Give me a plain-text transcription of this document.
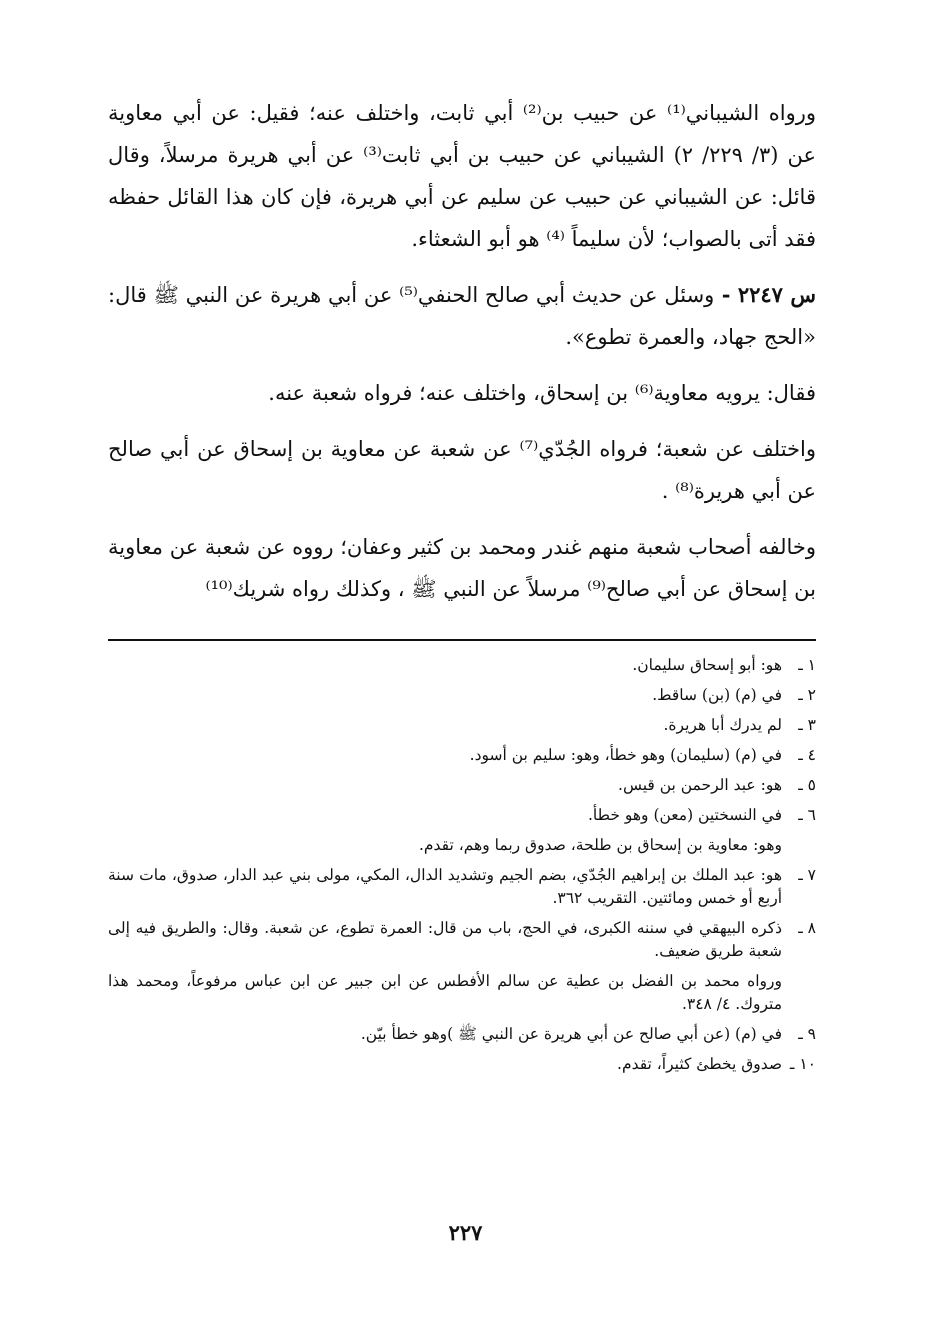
ورواه الشيباني⁽¹⁾ عن حبيب بن⁽²⁾ أبي ثابت، واختلف عنه؛ فقيل: عن أبي معاوية عن (٣/ ٢٢٩/ ٢) الشيباني عن حبيب بن أبي ثابت⁽³⁾ عن أبي هريرة مرسلاً، وقال قائل: عن الشيباني عن حبيب عن سليم عن أبي هريرة، فإن كان هذا القائل حفظه فقد أتى بالصواب؛ لأن سليماً ⁽⁴⁾ هو أبو الشعثاء.

س ٢٢٤٧ - وسئل عن حديث أبي صالح الحنفي⁽⁵⁾ عن أبي هريرة عن النبي ﷺ قال: «الحج جهاد، والعمرة تطوع».

فقال: يرويه معاوية⁽⁶⁾ بن إسحاق، واختلف عنه؛ فرواه شعبة عنه.

واختلف عن شعبة؛ فرواه الجُدّي⁽⁷⁾ عن شعبة عن معاوية بن إسحاق عن أبي صالح عن أبي هريرة⁽⁸⁾ .

وخالفه أصحاب شعبة منهم غندر ومحمد بن كثير وعفان؛ رووه عن شعبة عن معاوية بن إسحاق عن أبي صالح⁽⁹⁾ مرسلاً عن النبي ﷺ ، وكذلك رواه شريك⁽¹⁰⁾

١ ـ
هو: أبو إسحاق سليمان.
٢ ـ
في (م) (بن) ساقط.
٣ ـ
لم يدرك أبا هريرة.
٤ ـ
في (م) (سليمان) وهو خطأ، وهو: سليم بن أسود.
٥ ـ
هو: عبد الرحمن بن قيس.
٦ ـ
في النسختين (معن) وهو خطأ.
وهو: معاوية بن إسحاق بن طلحة، صدوق ربما وهم، تقدم.
٧ ـ
هو: عبد الملك بن إبراهيم الجُدّي، بضم الجيم وتشديد الدال، المكي، مولى بني عبد الدار، صدوق، مات سنة أربع أو خمس ومائتين. التقريب ٣٦٢.
٨ ـ
ذكره البيهقي في سننه الكبرى، في الحج، باب من قال: العمرة تطوع، عن شعبة. وقال: والطريق فيه إلى شعبة طريق ضعيف.
ورواه محمد بن الفضل بن عطية عن سالم الأفطس عن ابن جبير عن ابن عباس مرفوعاً، ومحمد هذا متروك. ٤/ ٣٤٨.
٩ ـ
في (م) (عن أبي صالح عن أبي هريرة عن النبي ﷺ )وهو خطأ بيّن.
١٠ ـ
صدوق يخطئ كثيراً، تقدم.
٢٢٧
